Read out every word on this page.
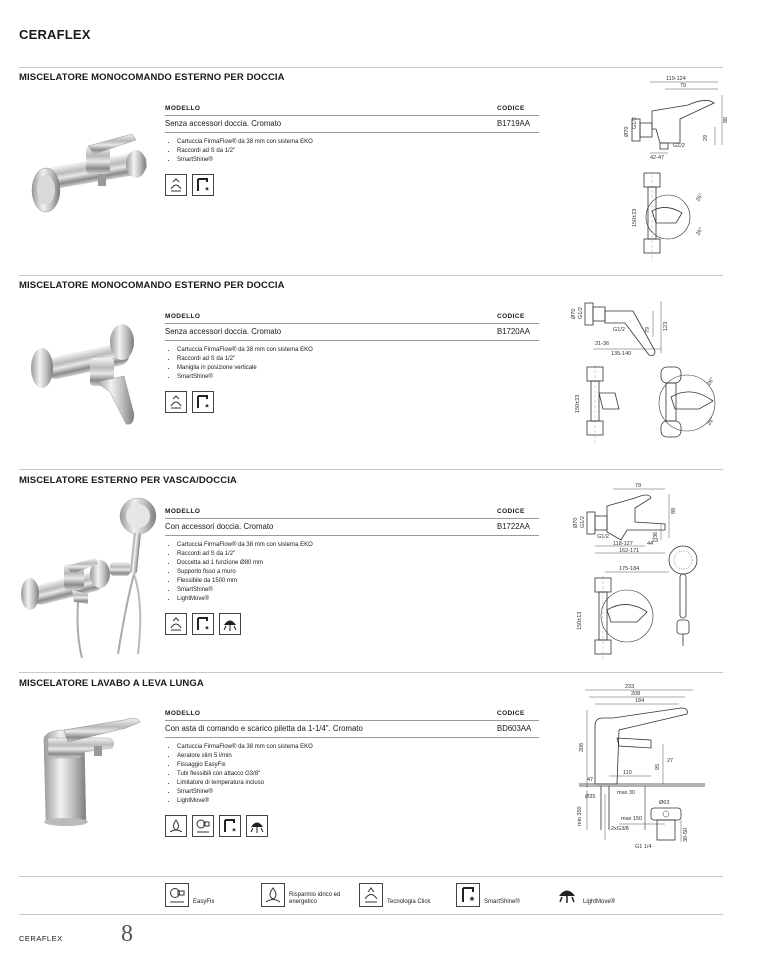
CERAFLEX
MISCELATORE MONOCOMANDO ESTERNO PER DOCCIA
MODELLO	CODICE
Senza accessori doccia. Cromato	B1719AA
• Cartuccia FirmaFlow® da 38 mm con sistema EKO
• Raccordi ad S da 1/2"
• SmartShine®
119-124
79
86
29
Ø70
G1/2
G1/2
42-47
150±23
26°
26°
MISCELATORE MONOCOMANDO ESTERNO PER DOCCIA
MODELLO	CODICE
Senza accessori doccia. Cromato	B1720AA
• Cartuccia FirmaFlow® da 38 mm con sistema EKO
• Raccordi ad S da 1/2"
• Maniglia in posizione verticale
• SmartShine®
Ø70 G1/2
G1/2	123
79
31-36
135-140
150±23
26°
26°
MISCELATORE ESTERNO PER VASCA/DOCCIA
MODELLO	CODICE
Con accessori doccia. Cromato	B1722AA
• Cartuccia FirmaFlow® da 38 mm con sistema EKO
• Raccordi ad S da 1/2"
• Doccetta ad 1 funzione Ø80 mm
• Supporto fisso a muro
• Flessibile da 1500 mm
• SmartShine®
• LightMove®
79
Ø70 G1/2
88
36
G1/2
23
118-127	44
162-171
175-184
150±13
MISCELATORE LAVABO A LEVA LUNGA
MODELLO	CODICE
Con asta di comando e scarico piletta da 1-1/4". Cromato	BD603AA
• Cartuccia FirmaFlow® da 38 mm con sistema EKO
• Aeratore slim 5 l/min
• Fissaggio EasyFix
• Tubi flessibili con attacco G3/8"
• Limitatore di temperatura incluso
• SmartShine®
• LightMove®
233
208
184
206
95
27
47
110
Ø35
max 30
Ø63
min 350	max 150
2xG3/8	30-50
G1 1/4
EasyFix
Risparmio idrico ed energetico	Tecnologia Click	SmartShine®	LightMove®
CERAFLEX 8
